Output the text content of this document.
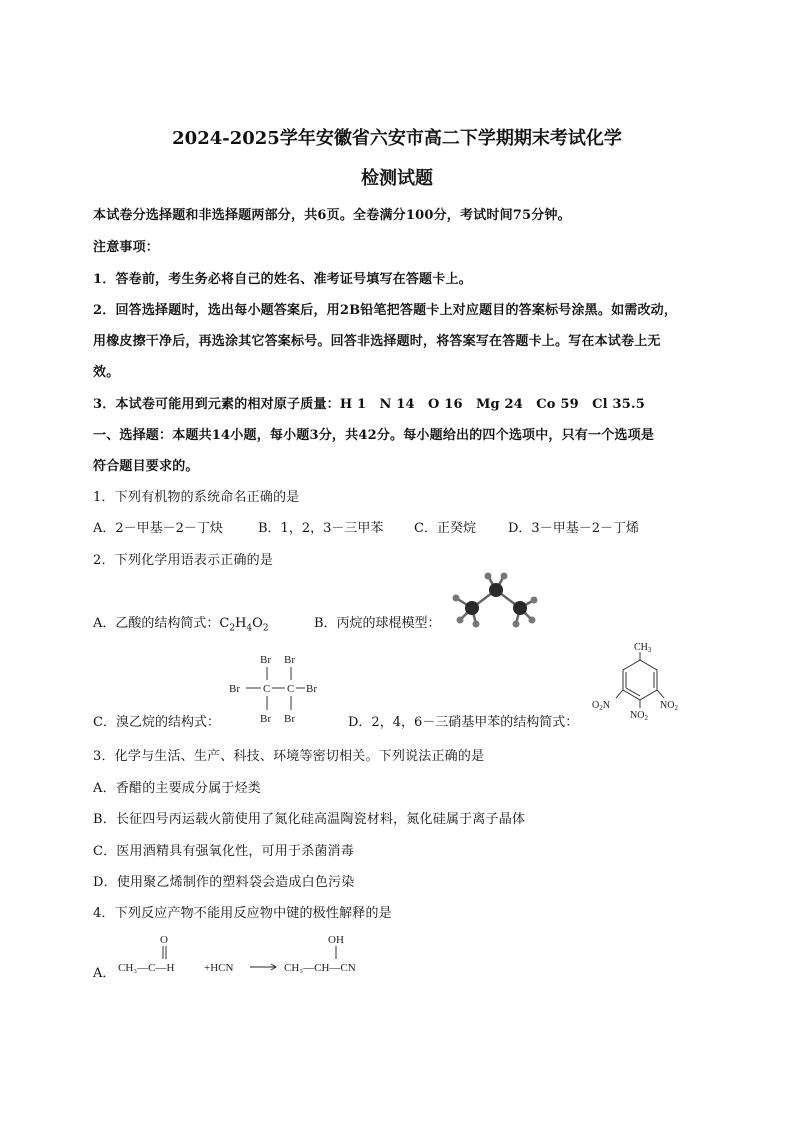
2024-2025学年安徽省六安市高二下学期期末考试化学
检测试题
本试卷分选择题和非选择题两部分，共6页。全卷满分100分，考试时间75分钟。
注意事项：
1．答卷前，考生务必将自己的姓名、准考证号填写在答题卡上。
2．回答选择题时，选出每小题答案后，用2B铅笔把答题卡上对应题目的答案标号涂黑。如需改动，
用橡皮擦干净后，再选涂其它答案标号。回答非选择题时，将答案写在答题卡上。写在本试卷上无
效。
3．本试卷可能用到元素的相对原子质量：H 1　N 14　O 16　Mg 24　Co 59　Cl 35.5
一、选择题：本题共14小题，每小题3分，共42分。每小题给出的四个选项中，只有一个选项是
符合题目要求的。
1．下列有机物的系统命名正确的是
A．2－甲基－2－丁炔	B．1，2，3－三甲苯 C．正癸烷 D．3－甲基－2－丁烯
2．下列化学用语表示正确的是
A．乙酸的结构简式：$C_2H_4O_2$	B．丙烷的球棍模型：
C．溴乙烷的结构式：
Br Br
Br C C Br
Br Br	D．2，4，6－三硝基甲苯的结构简式：
$CH_3$
$O_2N$	$NO_2$
$NO_2$
3．化学与生活、生产、科技、环境等密切相关。下列说法正确的是
A．香醋的主要成分属于烃类
B．长征四号丙运载火箭使用了氮化硅高温陶瓷材料，氮化硅属于离子晶体
C．医用酒精具有强氧化性，可用于杀菌消毒
D．使用聚乙烯制作的塑料袋会造成白色污染
4．下列反应产物不能用反应物中键的极性解释的是
A．
O
CH₃—C—H	+HCN
OH
CH₃—CH—CN
